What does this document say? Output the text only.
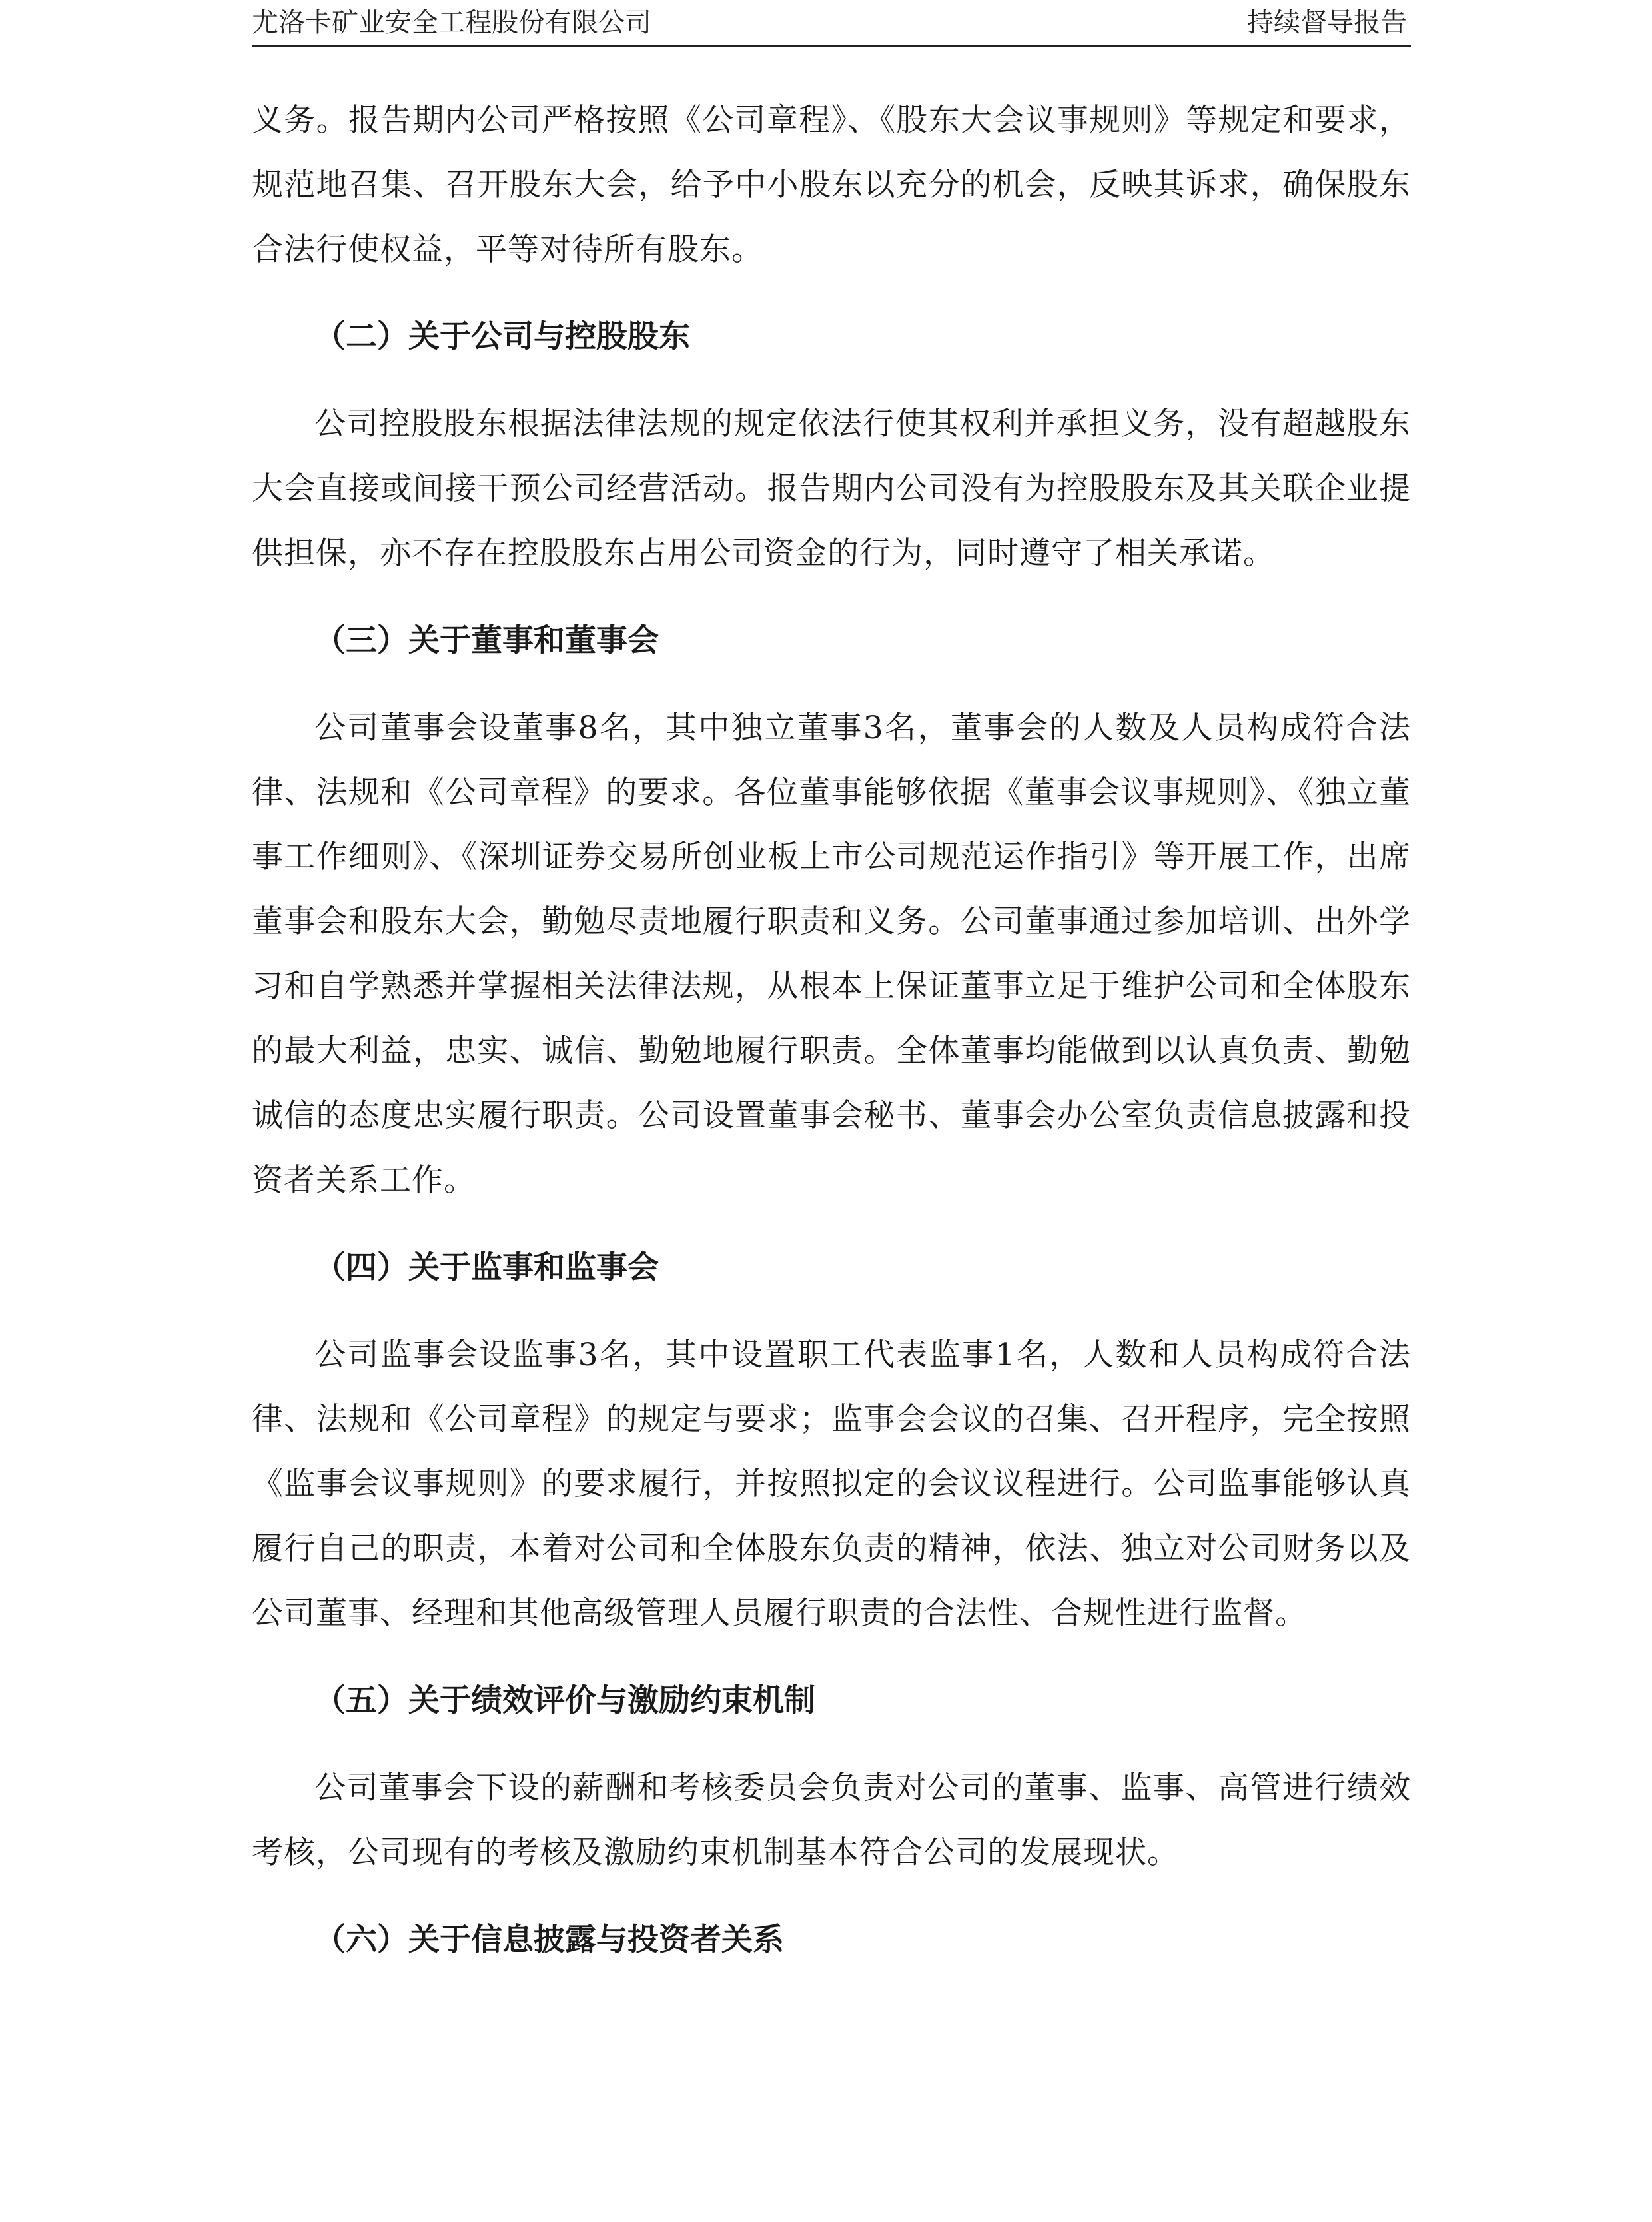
尤洛卡矿业安全工程股份有限公司	持续督导报告

义务。报告期内公司严格按照《公司章程》、《股东大会议事规则》等规定和要求，规范地召集、召开股东大会，给予中小股东以充分的机会，反映其诉求，确保股东合法行使权益，平等对待所有股东。

（二）关于公司与控股股东

公司控股股东根据法律法规的规定依法行使其权利并承担义务，没有超越股东大会直接或间接干预公司经营活动。报告期内公司没有为控股股东及其关联企业提供担保，亦不存在控股股东占用公司资金的行为，同时遵守了相关承诺。

（三）关于董事和董事会

公司董事会设董事8名，其中独立董事3名，董事会的人数及人员构成符合法律、法规和《公司章程》的要求。各位董事能够依据《董事会议事规则》、《独立董事工作细则》、《深圳证券交易所创业板上市公司规范运作指引》等开展工作，出席董事会和股东大会，勤勉尽责地履行职责和义务。公司董事通过参加培训、出外学习和自学熟悉并掌握相关法律法规，从根本上保证董事立足于维护公司和全体股东的最大利益，忠实、诚信、勤勉地履行职责。全体董事均能做到以认真负责、勤勉诚信的态度忠实履行职责。公司设置董事会秘书、董事会办公室负责信息披露和投资者关系工作。

（四）关于监事和监事会

公司监事会设监事3名，其中设置职工代表监事1名，人数和人员构成符合法律、法规和《公司章程》的规定与要求；监事会会议的召集、召开程序，完全按照《监事会议事规则》的要求履行，并按照拟定的会议议程进行。公司监事能够认真履行自己的职责，本着对公司和全体股东负责的精神，依法、独立对公司财务以及公司董事、经理和其他高级管理人员履行职责的合法性、合规性进行监督。

（五）关于绩效评价与激励约束机制

公司董事会下设的薪酬和考核委员会负责对公司的董事、监事、高管进行绩效考核，公司现有的考核及激励约束机制基本符合公司的发展现状。

（六）关于信息披露与投资者关系
